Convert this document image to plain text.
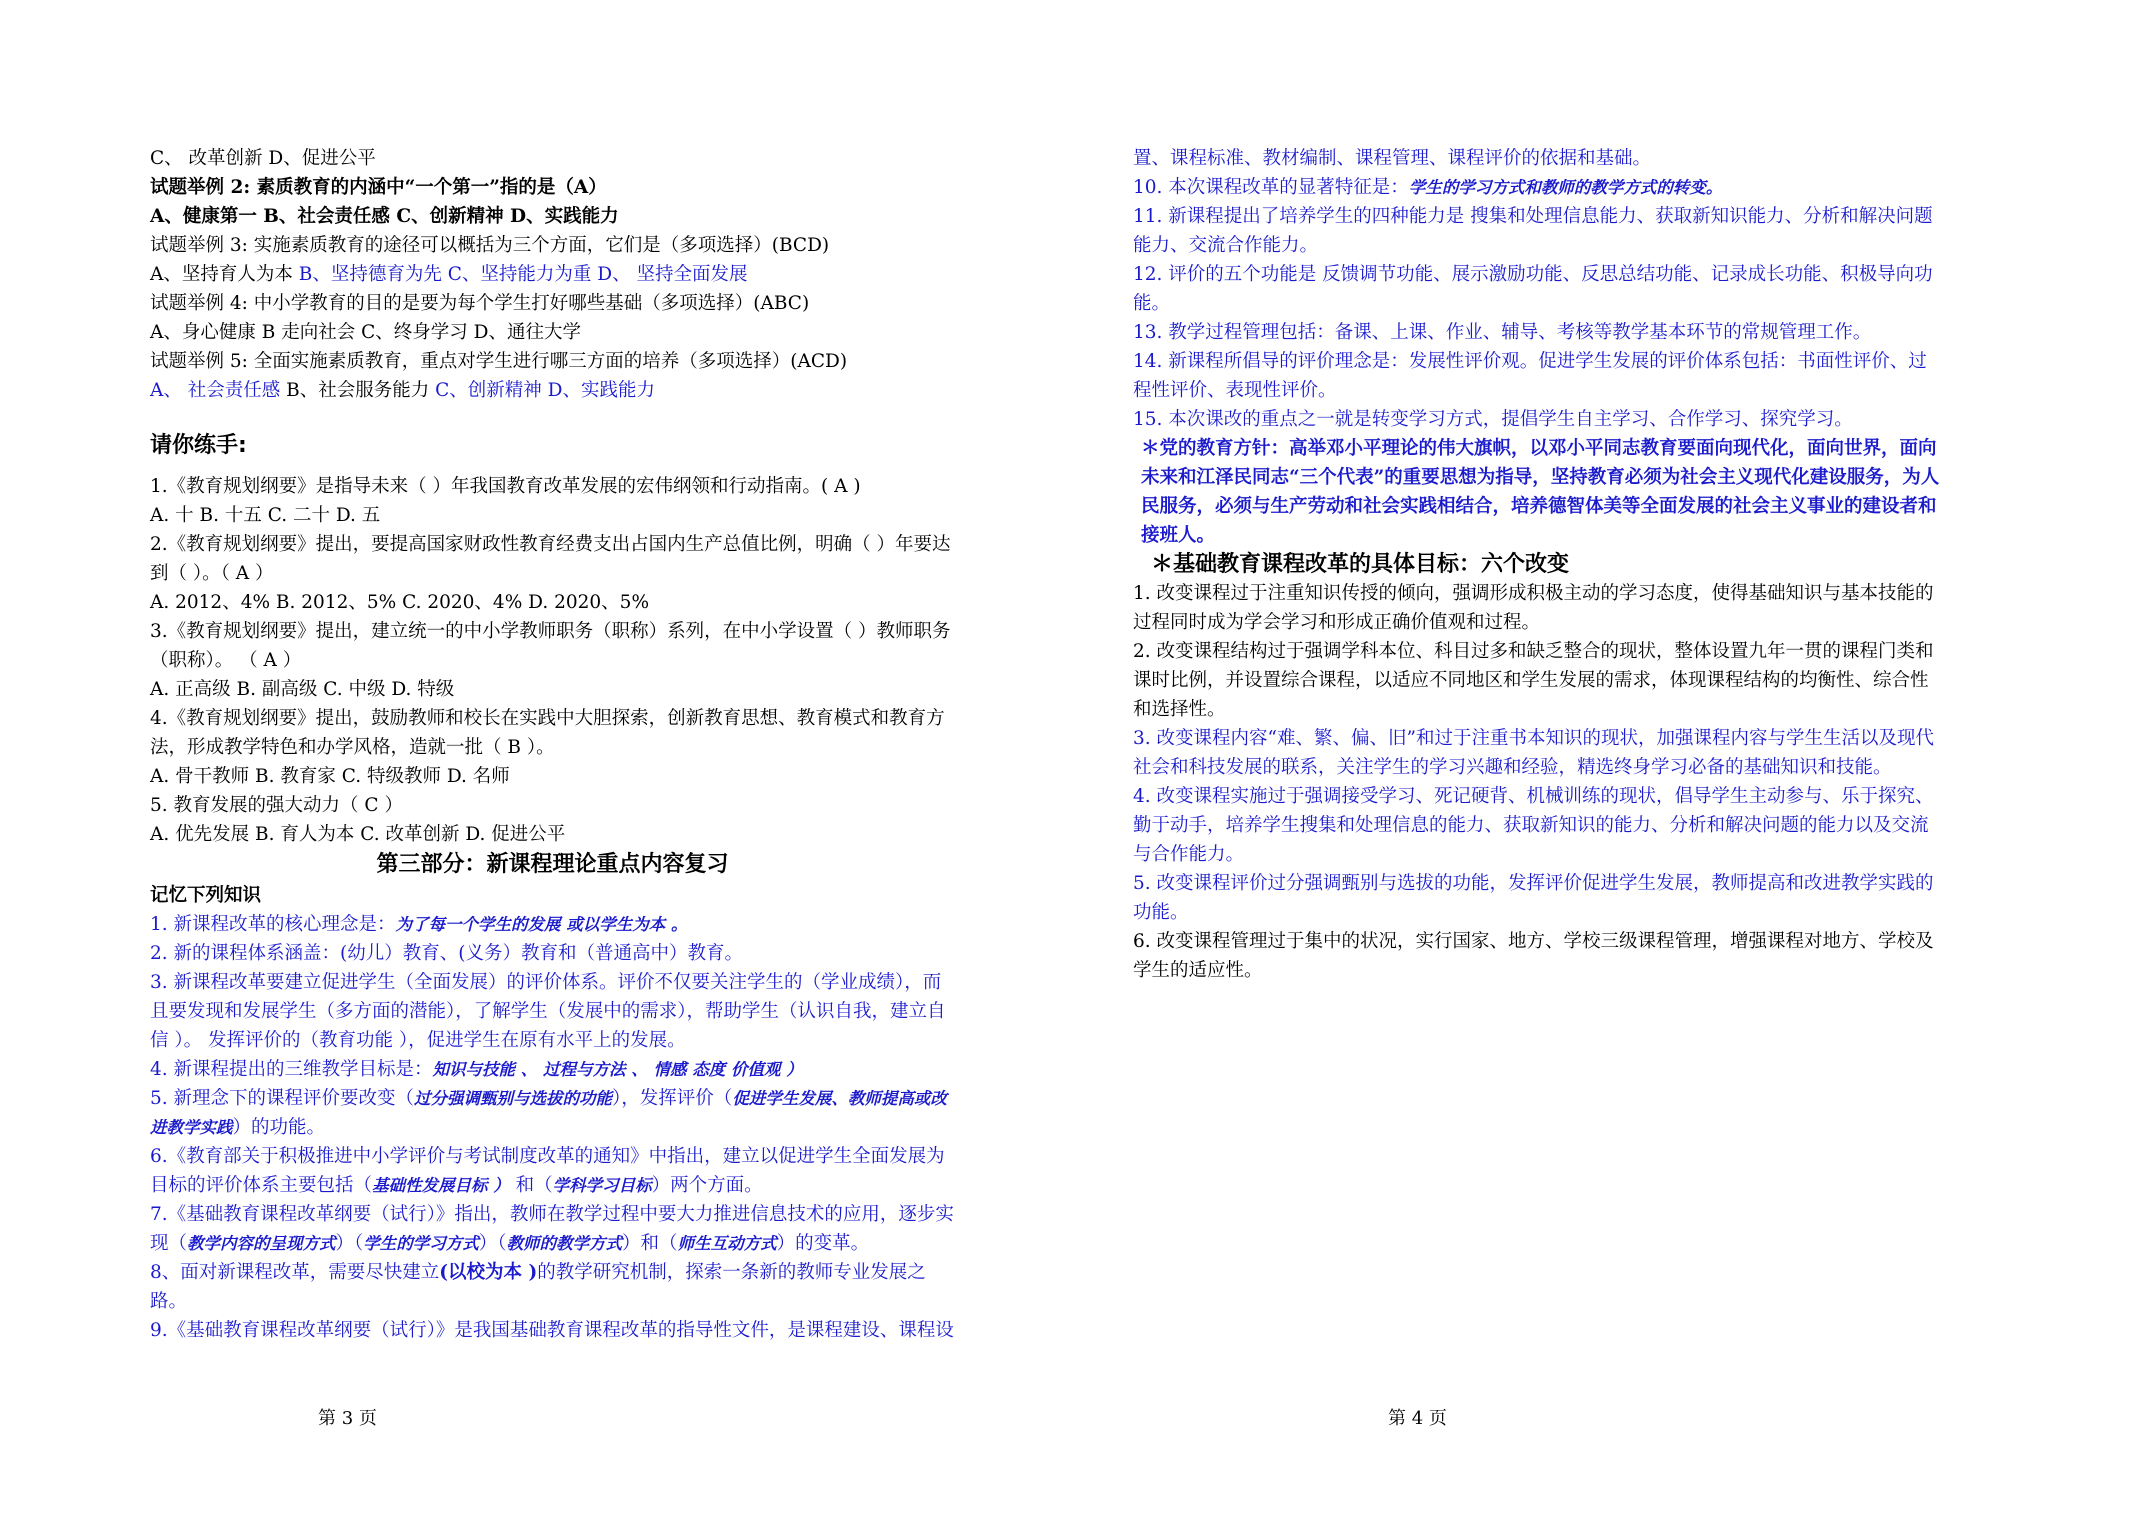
C、 改革创新 D、促进公平
试题举例 2: 素质教育的内涵中“一个第一”指的是（A）
A、健康第一 B、社会责任感 C、创新精神 D、实践能力
试题举例 3: 实施素质教育的途径可以概括为三个方面，它们是（多项选择）(BCD)
A、坚持育人为本 B、坚持德育为先 C、坚持能力为重 D、 坚持全面发展
试题举例 4: 中小学教育的目的是要为每个学生打好哪些基础（多项选择）(ABC)
A、身心健康 B 走向社会 C、终身学习 D、通往大学
试题举例 5: 全面实施素质教育，重点对学生进行哪三方面的培养（多项选择）(ACD)
A、 社会责任感 B、社会服务能力 C、创新精神 D、实践能力
请你练手:
1.《教育规划纲要》是指导未来（ ）年我国教育改革发展的宏伟纲领和行动指南。( A )
A. 十 B. 十五 C. 二十 D. 五
2.《教育规划纲要》提出，要提高国家财政性教育经费支出占国内生产总值比例，明确（ ）年要达到（ ）。（ A ）
A. 2012、4% B. 2012、5% C. 2020、4% D. 2020、5%
3.《教育规划纲要》提出，建立统一的中小学教师职务（职称）系列，在中小学设置（ ）教师职务（职称）。 （ A ）
A. 正高级 B. 副高级 C. 中级 D. 特级
4.《教育规划纲要》提出，鼓励教师和校长在实践中大胆探索，创新教育思想、教育模式和教育方法，形成教学特色和办学风格，造就一批（ B ）。
A. 骨干教师 B. 教育家 C. 特级教师 D. 名师
5. 教育发展的强大动力（ C ）
A. 优先发展 B. 育人为本 C. 改革创新 D. 促进公平
第三部分：新课程理论重点内容复习
记忆下列知识
1. 新课程改革的核心理念是：为了每一个学生的发展 或以学生为本 。
2. 新的课程体系涵盖：(幼儿）教育、(义务）教育和（普通高中）教育。
3. 新课程改革要建立促进学生（全面发展）的评价体系。评价不仅要关注学生的（学业成绩），而且要发现和发展学生（多方面的潜能），了解学生（发展中的需求），帮助学生（认识自我，建立自信 ）。 发挥评价的（教育功能 ），促进学生在原有水平上的发展。
4. 新课程提出的三维教学目标是：知识与技能 、 过程与方法 、 情感 态度 价值观 ）
5. 新理念下的课程评价要改变（过分强调甄别与选拔的功能），发挥评价（促进学生发展、教师提高或改进教学实践）的功能。
6.《教育部关于积极推进中小学评价与考试制度改革的通知》中指出，建立以促进学生全面发展为目标的评价体系主要包括（基础性发展目标 ） 和（学科学习目标）两个方面。
7.《基础教育课程改革纲要（试行）》指出，教师在教学过程中要大力推进信息技术的应用，逐步实现（教学内容的呈现方式）（学生的学习方式）（教师的教学方式）和（师生互动方式）的变革。
8、面对新课程改革，需要尽快建立(以校为本 )的教学研究机制，探索一条新的教师专业发展之路。
9.《基础教育课程改革纲要（试行）》是我国基础教育课程改革的指导性文件，是课程建设、课程设
第 3 页
置、课程标准、教材编制、课程管理、课程评价的依据和基础。
10. 本次课程改革的显著特征是：学生的学习方式和教师的教学方式的转变。
11. 新课程提出了培养学生的四种能力是 搜集和处理信息能力、获取新知识能力、分析和解决问题能力、交流合作能力。
12. 评价的五个功能是 反馈调节功能、展示激励功能、反思总结功能、记录成长功能、积极导向功能。
13. 教学过程管理包括：备课、上课、作业、辅导、考核等教学基本环节的常规管理工作。
14. 新课程所倡导的评价理念是：发展性评价观。促进学生发展的评价体系包括：书面性评价、过程性评价、表现性评价。
15. 本次课改的重点之一就是转变学习方式，提倡学生自主学习、合作学习、探究学习。
＊党的教育方针：高举邓小平理论的伟大旗帜，以邓小平同志教育要面向现代化，面向世界，面向未来和江泽民同志“三个代表”的重要思想为指导，坚持教育必须为社会主义现代化建设服务，为人民服务，必须与生产劳动和社会实践相结合，培养德智体美等全面发展的社会主义事业的建设者和接班人。
＊基础教育课程改革的具体目标：六个改变
1. 改变课程过于注重知识传授的倾向，强调形成积极主动的学习态度，使得基础知识与基本技能的过程同时成为学会学习和形成正确价值观和过程。
2. 改变课程结构过于强调学科本位、科目过多和缺乏整合的现状，整体设置九年一贯的课程门类和课时比例，并设置综合课程，以适应不同地区和学生发展的需求，体现课程结构的均衡性、综合性和选择性。
3. 改变课程内容“难、繁、偏、旧”和过于注重书本知识的现状，加强课程内容与学生生活以及现代社会和科技发展的联系，关注学生的学习兴趣和经验，精选终身学习必备的基础知识和技能。
4. 改变课程实施过于强调接受学习、死记硬背、机械训练的现状，倡导学生主动参与、乐于探究、勤于动手，培养学生搜集和处理信息的能力、获取新知识的能力、分析和解决问题的能力以及交流与合作能力。
5. 改变课程评价过分强调甄别与选拔的功能，发挥评价促进学生发展，教师提高和改进教学实践的功能。
6. 改变课程管理过于集中的状况，实行国家、地方、学校三级课程管理，增强课程对地方、学校及学生的适应性。
第 4 页
